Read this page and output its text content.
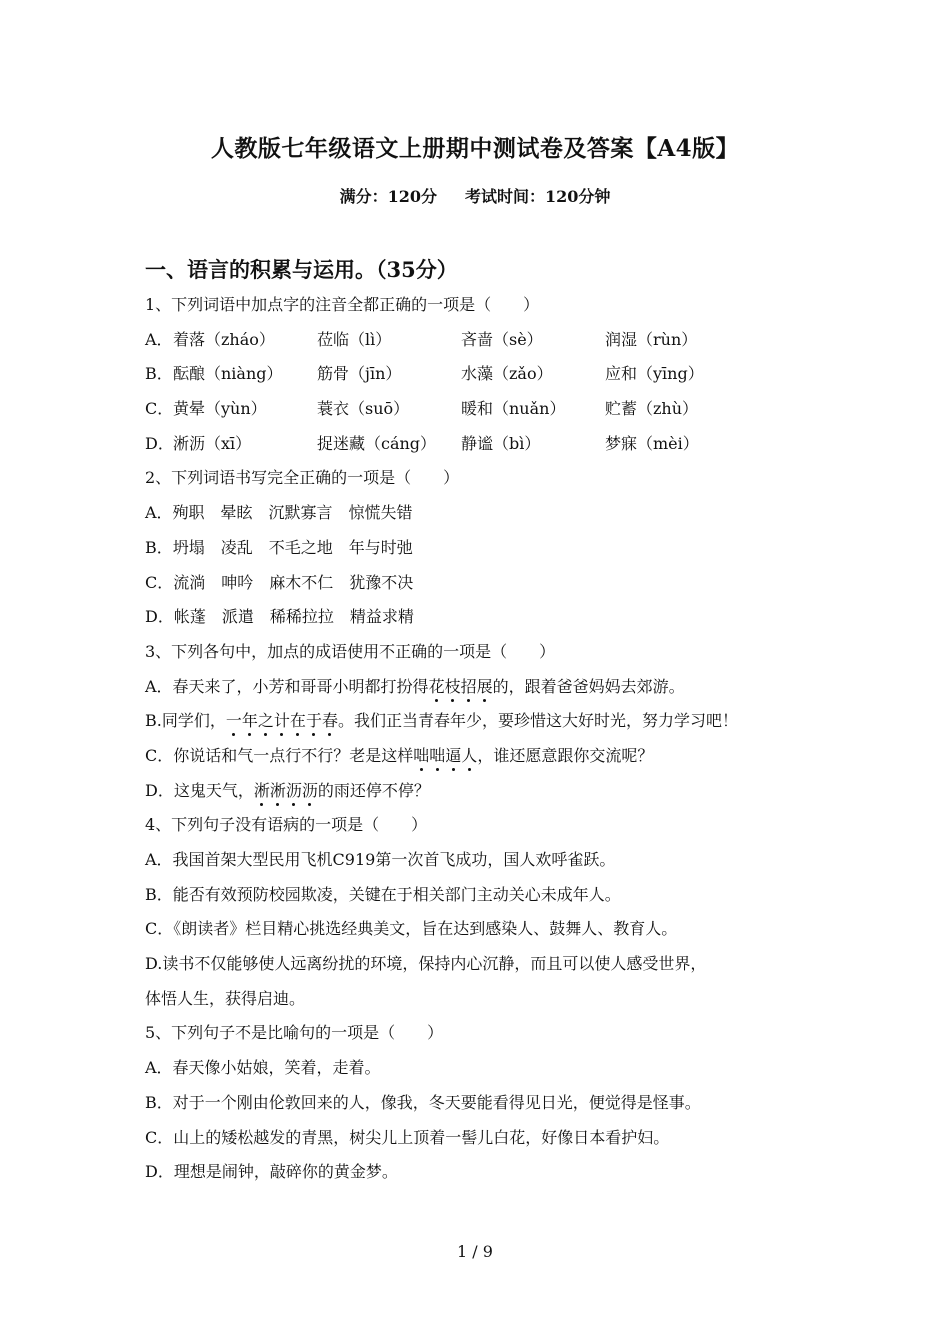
人教版七年级语文上册期中测试卷及答案【A4版】
满分：120分 考试时间：120分钟
一、语言的积累与运用。（35分）
1、下列词语中加点字的注音全都正确的一项是（　　）
A． 着落（zháo）	莅临（lì）	吝啬（sè）	润湿（rùn）
B． 酝酿（niàng）	筋骨（jīn）	水藻（zǎo）	应和（yīng）
C． 黄晕（yùn）	蓑衣（suō）	暖和（nuǎn）	贮蓄（zhù）
D． 淅沥（xī）	捉迷藏（cáng）	静谧（bì）	梦寐（mèi）
2、下列词语书写完全正确的一项是（　　）
A．殉职　晕眩　沉默寡言　惊慌失错
B．坍塌　凌乱　不毛之地　年与时弛
C．流淌　呻吟　麻木不仁　犹豫不决
D．帐蓬　派遣　稀稀拉拉　精益求精
3、下列各句中，加点的成语使用不正确的一项是（　　）
A．春天来了，小芳和哥哥小明都打扮得花枝招展的，跟着爸爸妈妈去郊游。
B.同学们，一年之计在于春。我们正当青春年少，要珍惜这大好时光，努力学习吧！
C．你说话和气一点行不行？老是这样咄咄逼人，谁还愿意跟你交流呢？
D．这鬼天气，淅淅沥沥的雨还停不停？
4、下列句子没有语病的一项是（　　）
A．我国首架大型民用飞机C919第一次首飞成功，国人欢呼雀跃。
B．能否有效预防校园欺凌，关键在于相关部门主动关心未成年人。
C．《朗读者》栏目精心挑选经典美文，旨在达到感染人、鼓舞人、教育人。
D.读书不仅能够使人远离纷扰的环境，保持内心沉静，而且可以使人感受世界，
体悟人生，获得启迪。
5、下列句子不是比喻句的一项是（　　）
A．春天像小姑娘，笑着，走着。
B．对于一个刚由伦敦回来的人，像我，冬天要能看得见日光，便觉得是怪事。
C．山上的矮松越发的青黑，树尖儿上顶着一髻儿白花，好像日本看护妇。
D．理想是闹钟，敲碎你的黄金梦。
1 / 9
